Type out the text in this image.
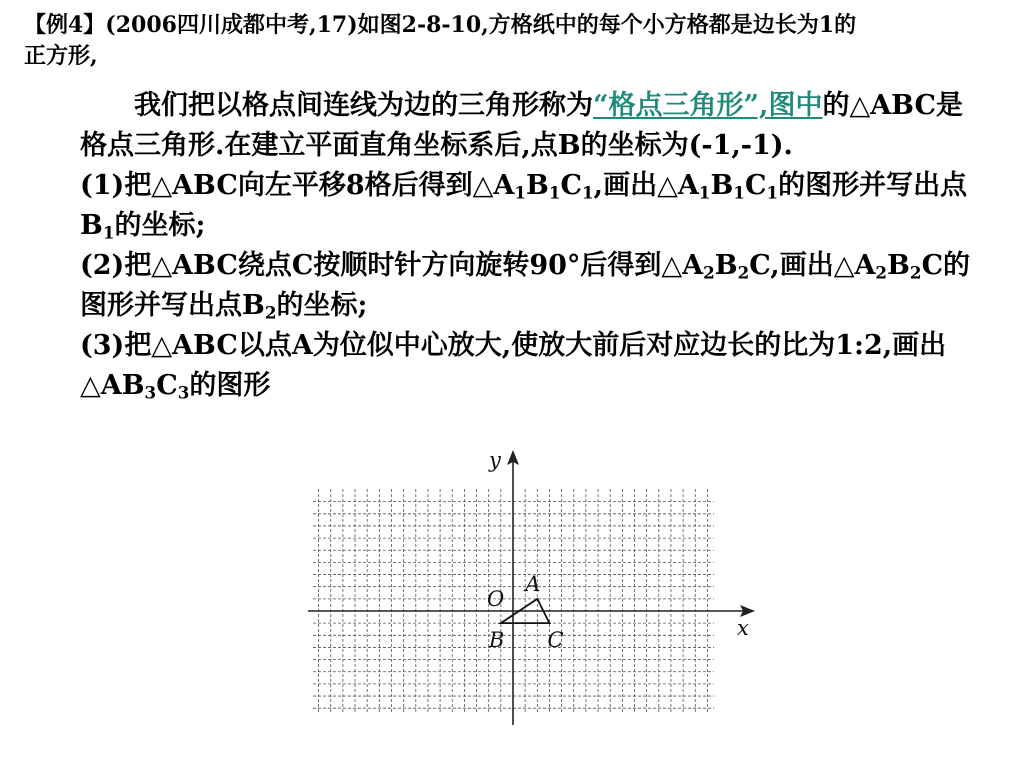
【例4】(2006四川成都中考,17)如图2-8-10,方格纸中的每个小方格都是边长为1的
正方形,
我们把以格点间连线为边的三角形称为“格点三角形”,图中的△ABC是格点三角形.在建立平面直角坐标系后,点B的坐标为(-1,-1).
(1)把△ABC向左平移8格后得到$\triangle A_1B_1C_1$,画出$\triangle A_1B_1C_1$的图形并写出点$B_1$的坐标;
(2)把△ABC绕点C按顺时针方向旋转90°后得到$\triangle A_2B_2C$,画出$\triangle A_2B_2C$的图形并写出点$B_2$的坐标;
(3)把△ABC以点A为位似中心放大,使放大前后对应边长的比为1:2,画出$\triangle AB_3C_3$的图形
x
y
O
A
B C
